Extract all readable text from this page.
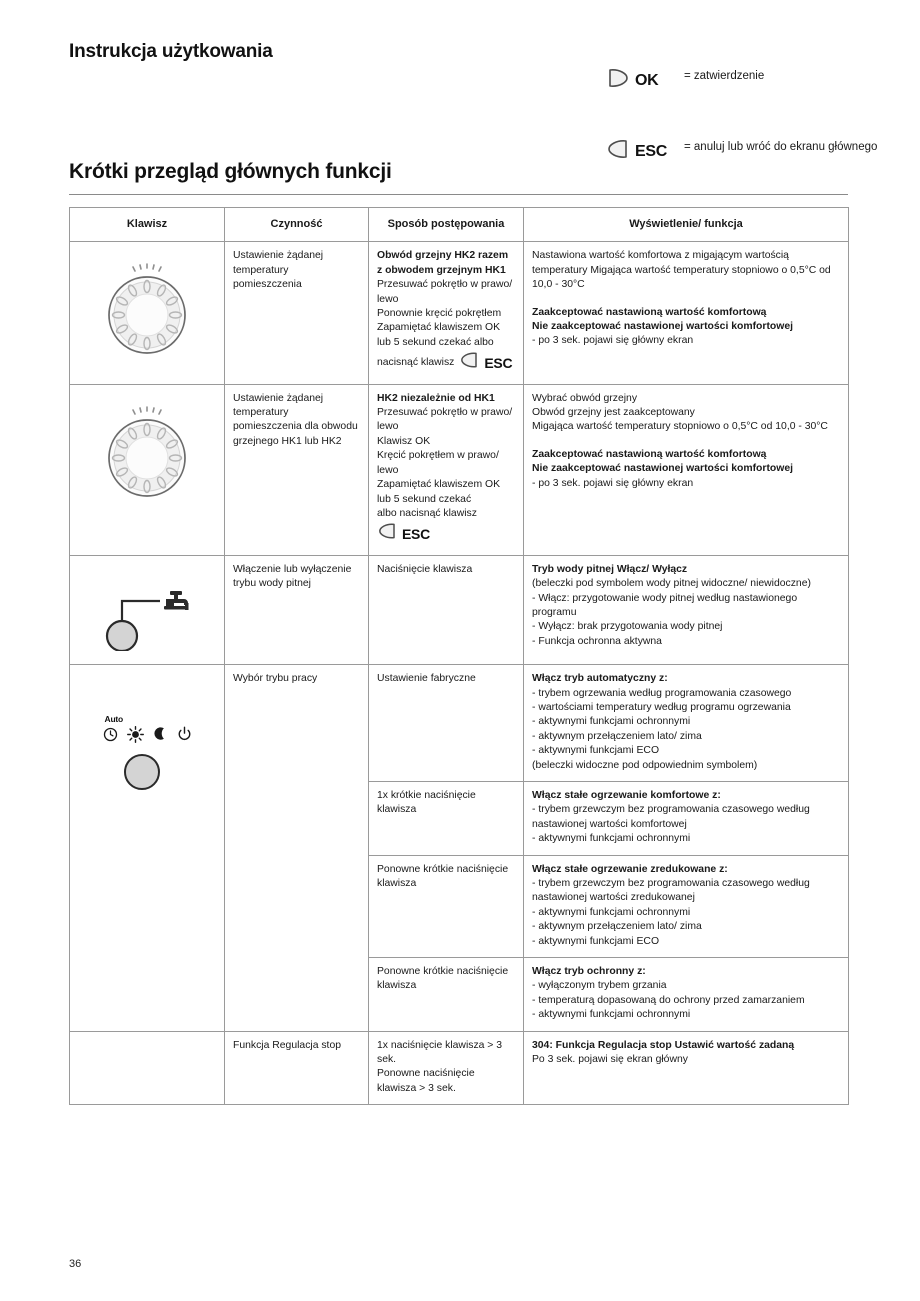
Instrukcja użytkowania
OK = zatwierdzenie
ESC = anuluj lub wróć do ekranu głównego
Krótki przegląd głównych funkcji
Klawisz	Czynność	Sposób postępowania	Wyświetlenie/ funkcja
	Ustawienie żądanej temperatury pomieszczenia	Obwód grzejny HK2 razem z obwodem grzejnym HK1
Przesuwać pokrętło w prawo/ lewo
Ponownie kręcić pokrętłem
Zapamiętać klawiszem OK
lub 5 sekund czekać albo
nacisnąć klawisz ESC
	Nastawiona wartość komfortowa z migającym wartością temperatury Migająca wartość temperatury stopniowo o 0,5°C od 10,0 - 30°C
Zaakceptować nastawioną wartość komfortową
Nie zaakceptować nastawionej wartości komfortowej
- po 3 sek. pojawi się główny ekran
	Ustawienie żądanej temperatury pomieszczenia dla obwodu grzejnego HK1 lub HK2	HK2 niezależnie od HK1
Przesuwać pokrętło w prawo/ lewo
Klawisz OK
Kręcić pokrętłem w prawo/ lewo
Zapamiętać klawiszem OK
lub 5 sekund czekać
albo nacisnąć klawisz

ESC
	Wybrać obwód grzejny
Obwód grzejny jest zaakceptowany
Migająca wartość temperatury stopniowo o 0,5°C od 10,0 - 30°C
Zaakceptować nastawioną wartość komfortową
Nie zaakceptować nastawionej wartości komfortowej
- po 3 sek. pojawi się główny ekran
	Włączenie lub wyłączenie trybu wody pitnej	Naciśnięcie klawisza	Tryb wody pitnej Włącz/ Wyłącz
(beleczki pod symbolem wody pitnej widoczne/ niewidoczne)
- Włącz: przygotowanie wody pitnej według nastawionego programu
- Wyłącz: brak przygotowania wody pitnej
- Funkcja ochronna aktywna

Auto
	Wybór trybu pracy	Ustawienie fabryczne	Włącz tryb automatyczny z:
- trybem ogrzewania według programowania czasowego
- wartościami temperatury według programu ogrzewania
- aktywnymi funkcjami ochronnymi
- aktywnym przełączeniem lato/ zima
- aktywnymi funkcjami ECO
(beleczki widoczne pod odpowiednim symbolem)
		1x krótkie naciśnięcie klawisza	Włącz stałe ogrzewanie komfortowe z:
- trybem grzewczym bez programowania czasowego według nastawionej wartości komfortowej
- aktywnymi funkcjami ochronnymi
		Ponowne krótkie naciśnięcie klawisza	Włącz stałe ogrzewanie zredukowane z:
- trybem grzewczym bez programowania czasowego według nastawionej wartości zredukowanej
- aktywnymi funkcjami ochronnymi
- aktywnym przełączeniem lato/ zima
- aktywnymi funkcjami ECO
		Ponowne krótkie naciśnięcie klawisza	Włącz tryb ochronny z:
- wyłączonym trybem grzania
- temperaturą dopasowaną do ochrony przed zamarzaniem
- aktywnymi funkcjami ochronnymi
	Funkcja Regulacja stop	1x naciśnięcie klawisza > 3 sek.
Ponowne naciśnięcie klawisza > 3 sek.	304: Funkcja Regulacja stop Ustawić wartość zadaną
Po 3 sek. pojawi się ekran główny
36
